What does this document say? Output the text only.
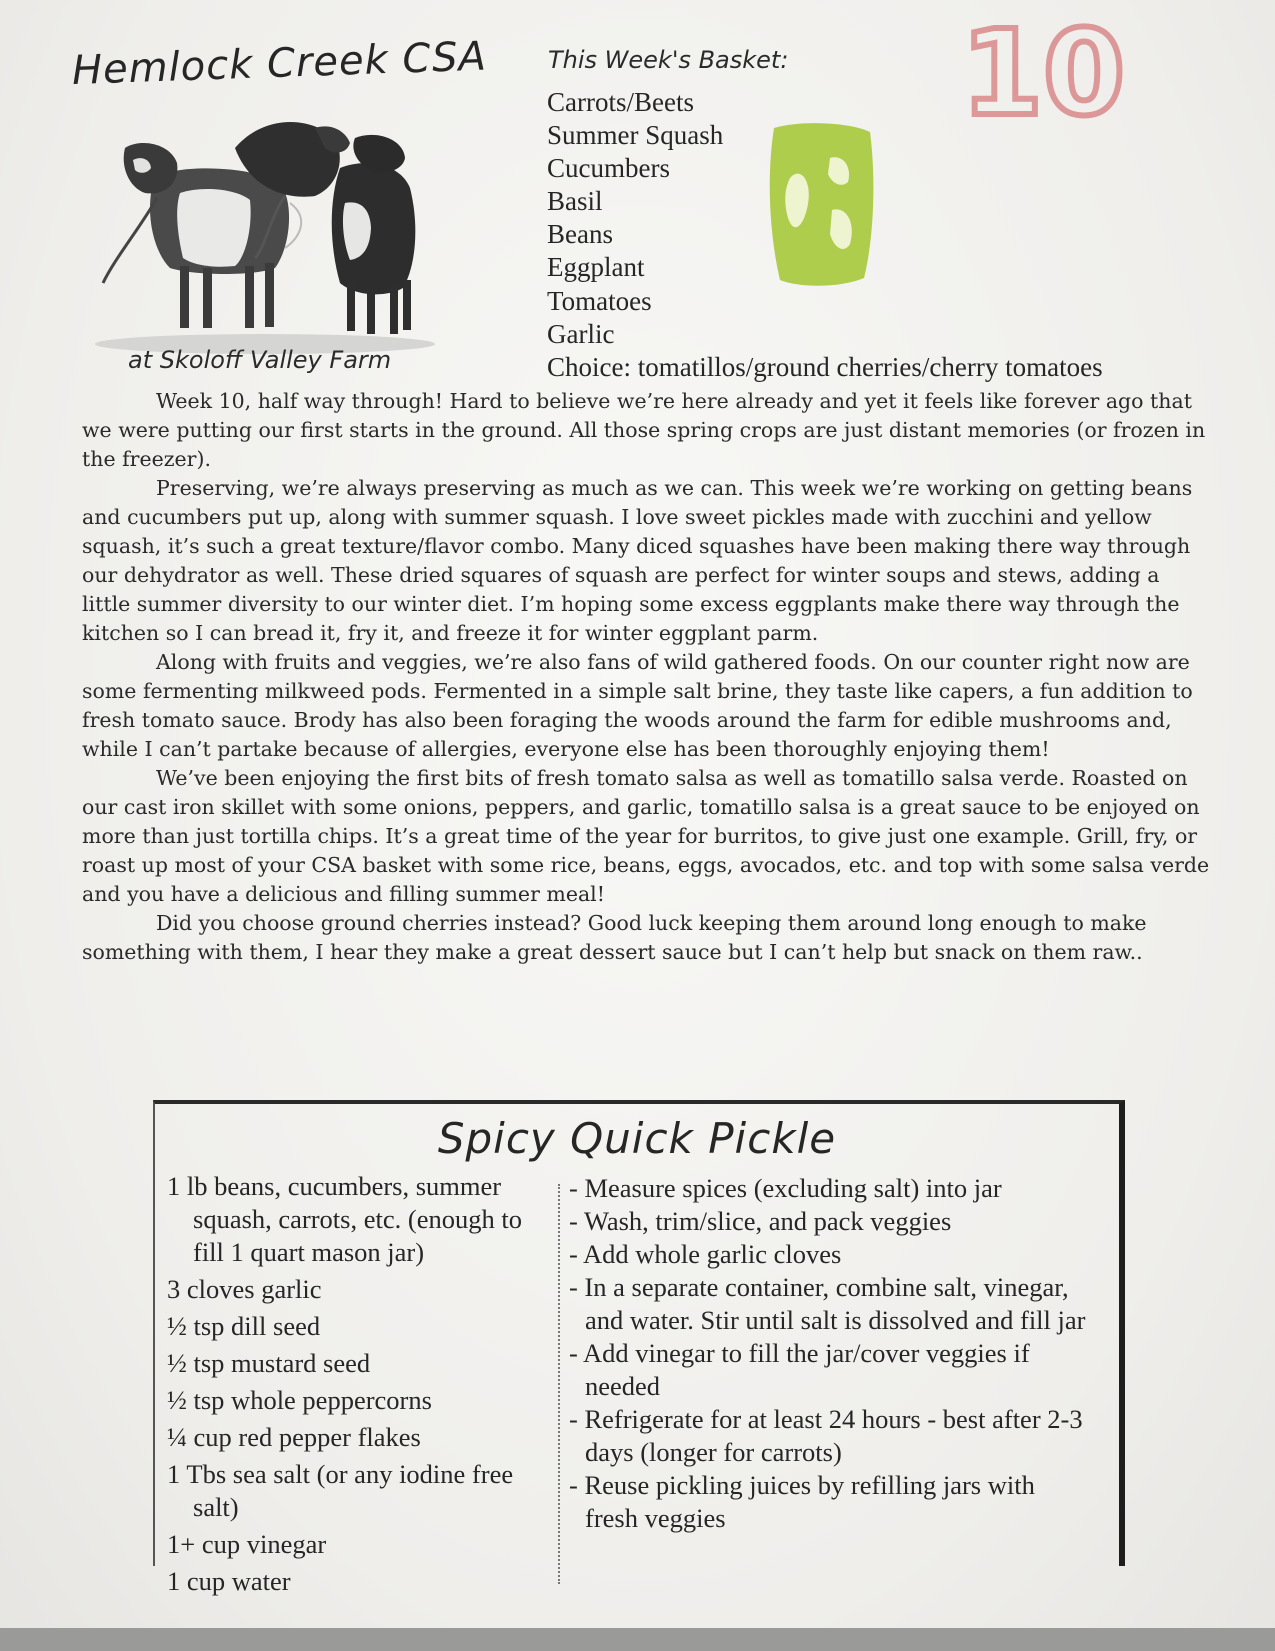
Hemlock Creek CSA
at Skoloff Valley Farm
This Week's Basket:
Carrots/Beets
Summer Squash
Cucumbers
Basil
Beans
Eggplant
Tomatoes
Garlic
Choice: tomatillos/ground cherries/cherry tomatoes
10

Week 10, half way through! Hard to believe we’re here already and yet it feels like forever ago that we were putting our first starts in the ground. All those spring crops are just distant memories (or frozen in the freezer).

Preserving, we’re always preserving as much as we can. This week we’re working on getting beans and cucumbers put up, along with summer squash. I love sweet pickles made with zucchini and yellow squash, it’s such a great texture/flavor combo. Many diced squashes have been making there way through our dehydrator as well. These dried squares of squash are perfect for winter soups and stews, adding a little summer diversity to our winter diet. I’m hoping some excess eggplants make there way through the kitchen so I can bread it, fry it, and freeze it for winter eggplant parm.

Along with fruits and veggies, we’re also fans of wild gathered foods. On our counter right now are some fermenting milkweed pods. Fermented in a simple salt brine, they taste like capers, a fun addition to fresh tomato sauce. Brody has also been foraging the woods around the farm for edible mushrooms and, while I can’t partake because of allergies, everyone else has been thoroughly enjoying them!

We’ve been enjoying the first bits of fresh tomato salsa as well as tomatillo salsa verde. Roasted on our cast iron skillet with some onions, peppers, and garlic, tomatillo salsa is a great sauce to be enjoyed on more than just tortilla chips. It’s a great time of the year for burritos, to give just one example. Grill, fry, or roast up most of your CSA basket with some rice, beans, eggs, avocados, etc. and top with some salsa verde and you have a delicious and filling summer meal!

Did you choose ground cherries instead? Good luck keeping them around long enough to make something with them, I hear they make a great dessert sauce but I can’t help but snack on them raw..

Spicy Quick Pickle
1 lb beans, cucumbers, summer squash, carrots, etc. (enough to fill 1 quart mason jar)
3 cloves garlic
½ tsp dill seed
½ tsp mustard seed
½ tsp whole peppercorns
¼ cup red pepper flakes
1 Tbs sea salt (or any iodine free salt)
1+ cup vinegar
1 cup water
- Measure spices (excluding salt) into jar
- Wash, trim/slice, and pack veggies
- Add whole garlic cloves
- In a separate container, combine salt, vinegar, and water. Stir until salt is dissolved and fill jar
- Add vinegar to fill the jar/cover veggies if needed
- Refrigerate for at least 24 hours - best after 2-3 days (longer for carrots)
- Reuse pickling juices by refilling jars with fresh veggies
